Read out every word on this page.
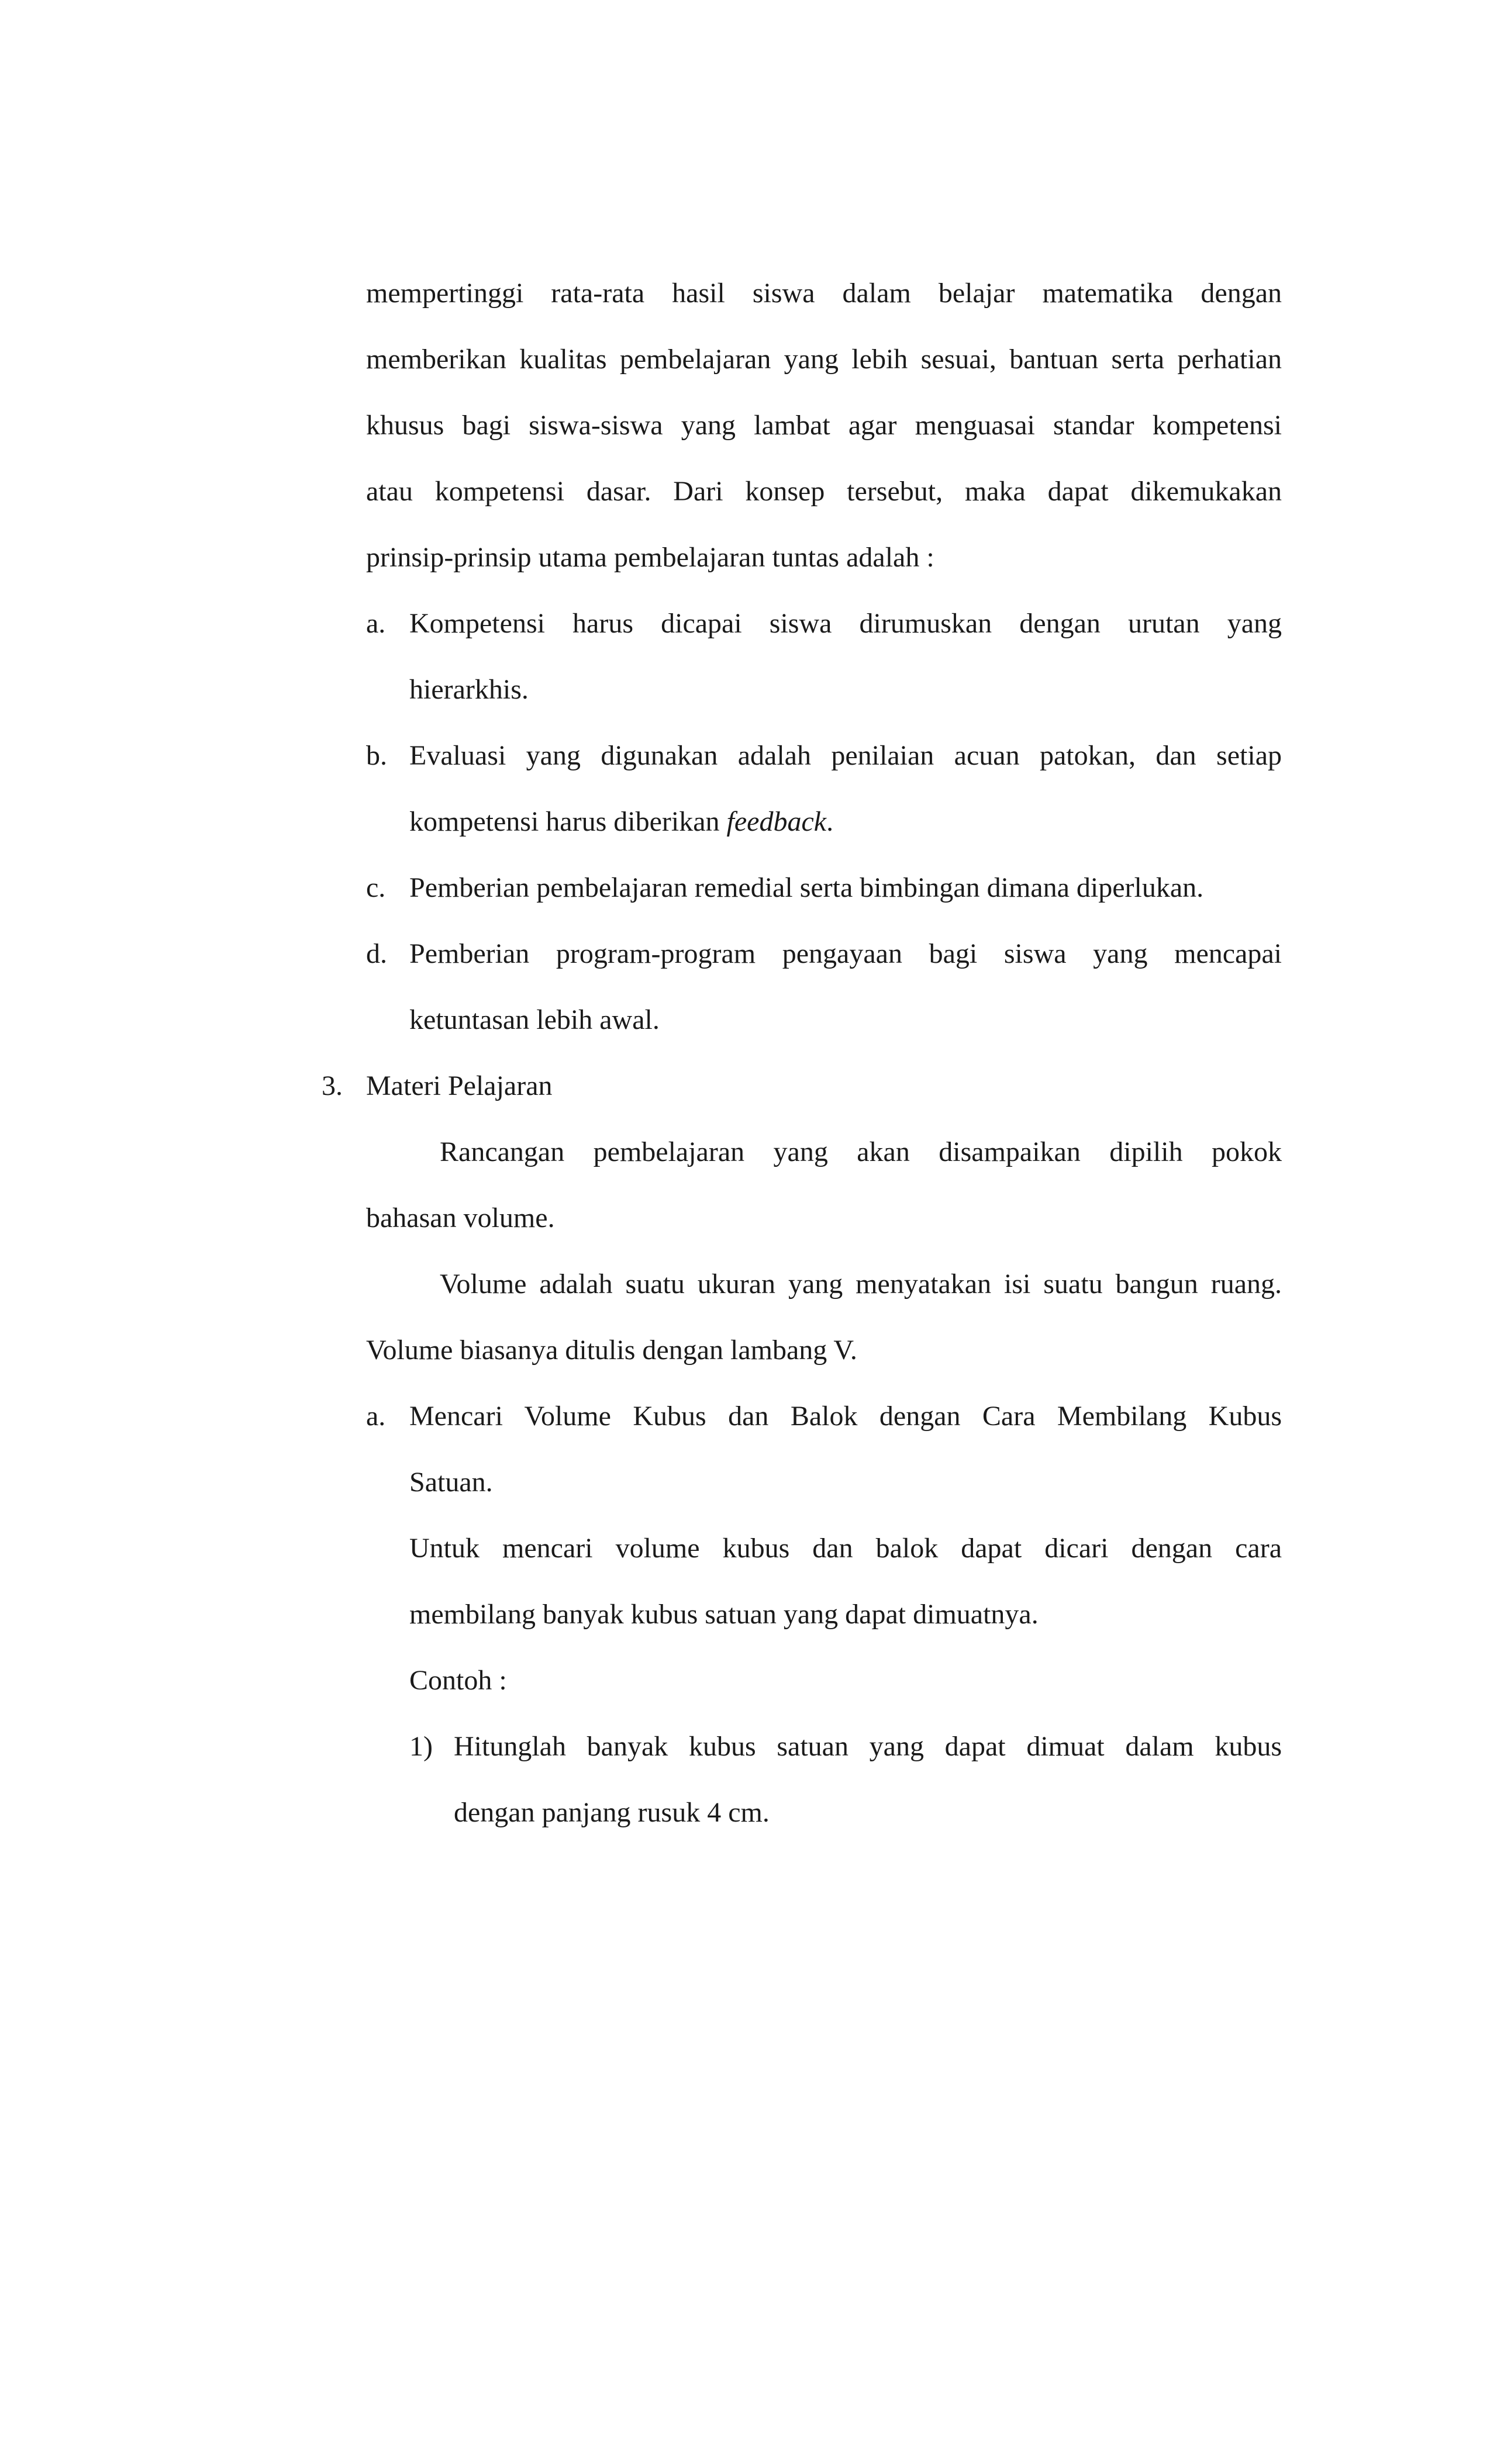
mempertinggi rata-rata hasil siswa dalam belajar matematika dengan
memberikan kualitas pembelajaran yang lebih sesuai, bantuan serta perhatian
khusus bagi siswa-siswa yang lambat agar menguasai standar kompetensi
atau kompetensi dasar. Dari konsep tersebut, maka dapat dikemukakan
prinsip-prinsip utama pembelajaran tuntas adalah :
a. Kompetensi harus dicapai siswa dirumuskan dengan urutan yang
hierarkhis.
b. Evaluasi yang digunakan adalah penilaian acuan patokan, dan setiap
kompetensi harus diberikan feedback.
c. Pemberian pembelajaran remedial serta bimbingan dimana diperlukan.
d. Pemberian program-program pengayaan bagi siswa yang mencapai
ketuntasan lebih awal.
3. Materi Pelajaran
Rancangan pembelajaran yang akan disampaikan dipilih pokok
bahasan volume.
Volume adalah suatu ukuran yang menyatakan isi suatu bangun ruang.
Volume biasanya ditulis dengan lambang V.
a. Mencari Volume Kubus dan Balok dengan Cara Membilang Kubus
Satuan.
Untuk mencari volume kubus dan balok dapat dicari dengan cara
membilang banyak kubus satuan yang dapat dimuatnya.
Contoh :
1) Hitunglah banyak kubus satuan yang dapat dimuat dalam kubus
dengan panjang rusuk 4 cm.
